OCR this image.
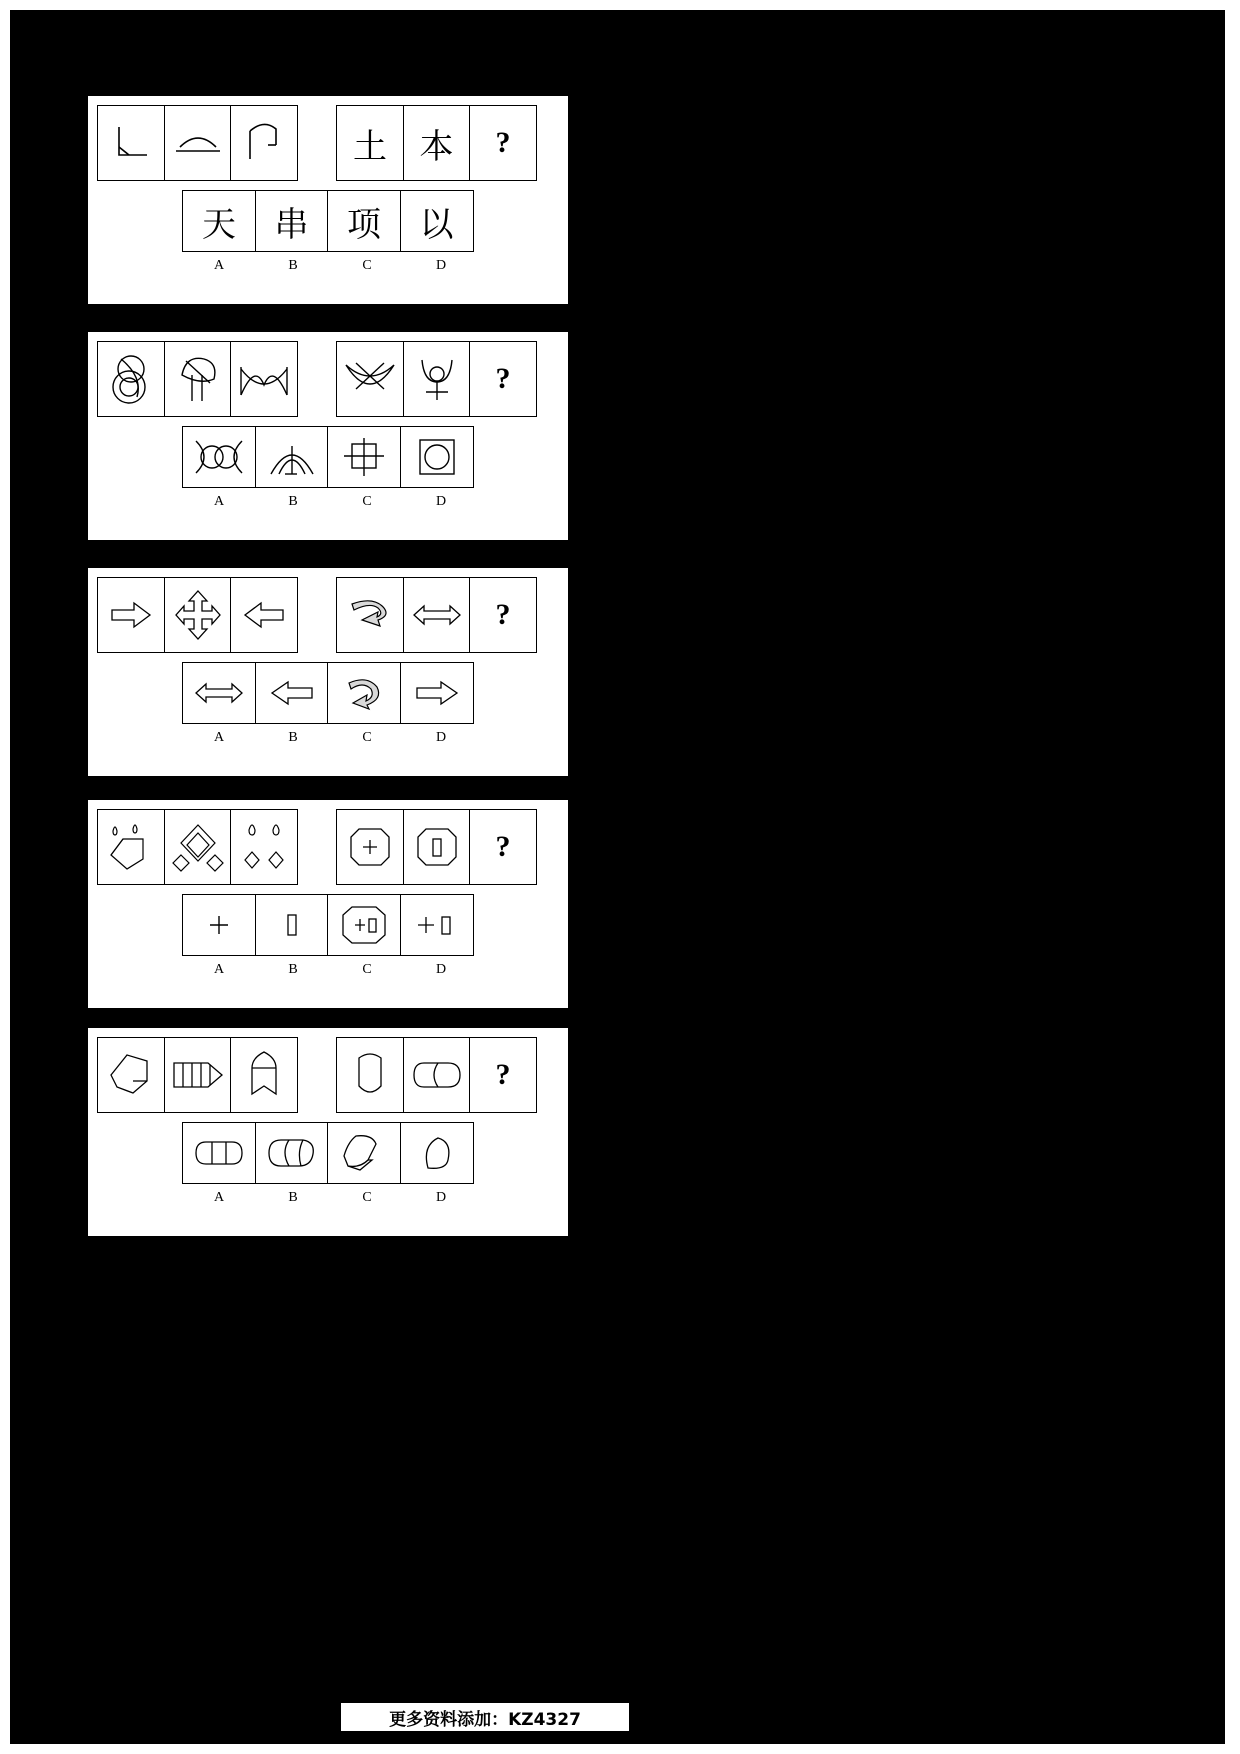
土 本 ?
天 串 项 以
A	B	C	D
?
A	B	C	D
?
A	B	C	D
?
A	B	C	D
?
A	B	C	D
更多资料添加：KZ4327
